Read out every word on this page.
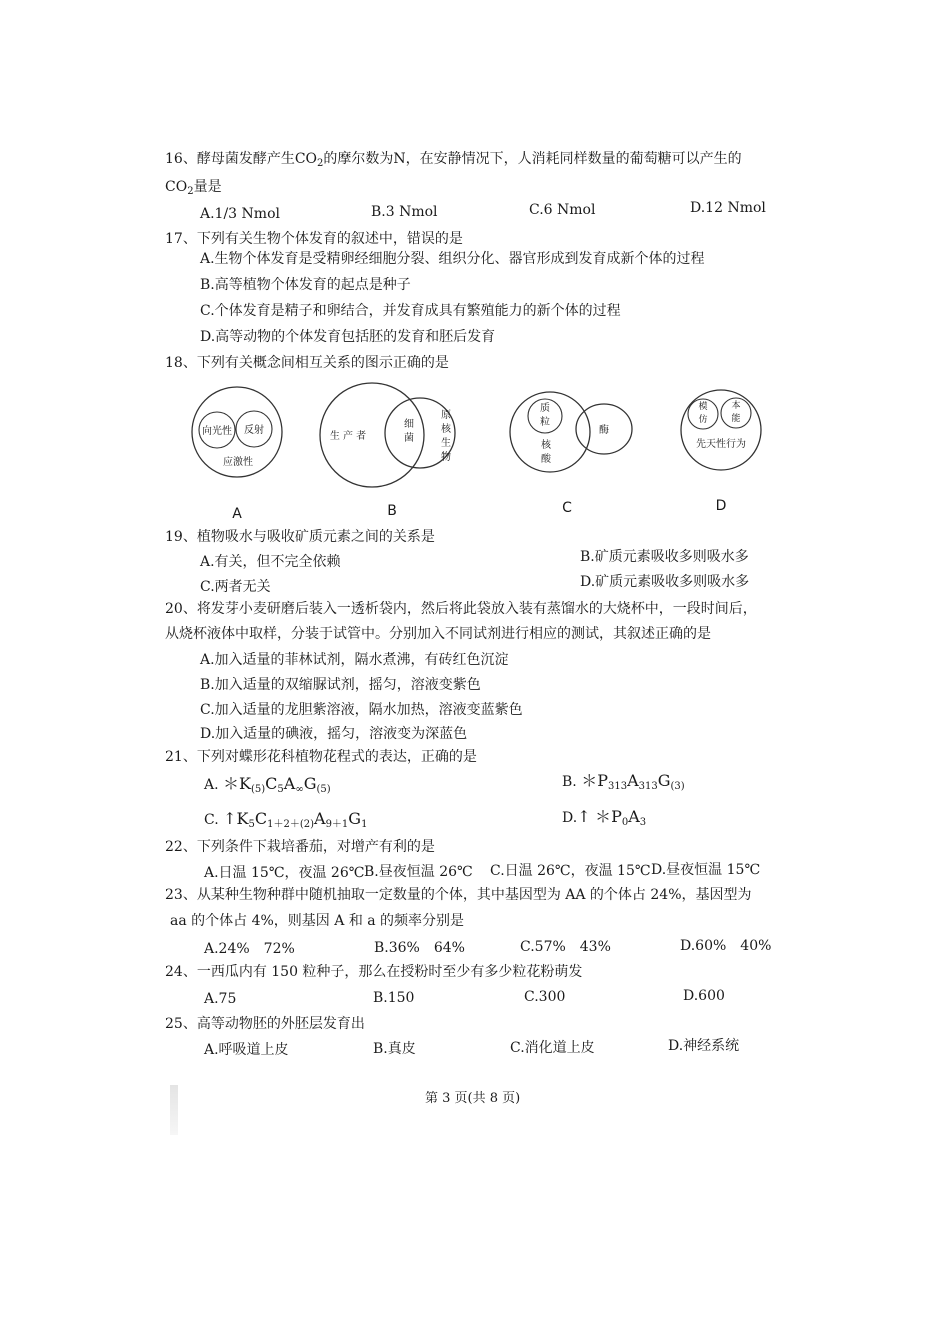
16、酵母菌发酵产生$CO_2$的摩尔数为N，在安静情况下，人消耗同样数量的葡萄糖可以产生的
$CO_2$量是
A.1/3 Nmol	B.3 Nmol	C.6 Nmol	D.12 Nmol
17、下列有关生物个体发育的叙述中，错误的是
A.生物个体发育是受精卵经细胞分裂、组织分化、器官形成到发育成新个体的过程
B.高等植物个体发育的起点是种子
C.个体发育是精子和卵结合，并发育成具有繁殖能力的新个体的过程
D.高等动物的个体发育包括胚的发育和胚后发育
18、下列有关概念间相互关系的图示正确的是
向光性 反射
应激性
A
生 产 者
细
菌
原
核
生
物
B
质
粒
核
酸
酶
C
模
仿
本
能
先天性行为
D
19、植物吸水与吸收矿质元素之间的关系是
A.有关，但不完全依赖	B.矿质元素吸收多则吸水多
C.两者无关	D.矿质元素吸收多则吸水多
20、将发芽小麦研磨后装入一透析袋内，然后将此袋放入装有蒸馏水的大烧杯中，一段时间后，
从烧杯液体中取样，分装于试管中。分别加入不同试剂进行相应的测试，其叙述正确的是
A.加入适量的菲林试剂，隔水煮沸，有砖红色沉淀
B.加入适量的双缩脲试剂，摇匀，溶液变紫色
C.加入适量的龙胆紫溶液，隔水加热，溶液变蓝紫色
D.加入适量的碘液，摇匀，溶液变为深蓝色
21、下列对蝶形花科植物花程式的表达，正确的是
A. $*K_{(5)}C_5A_\infty G_{(5)}$	B. $*P_{313}A_{313}G_{(3)}$
C. $↑K_5C_{1+2+(2)}A_{9+1}G_1$	D.↑ $*P_0A_3$
22、下列条件下栽培番茄，对增产有利的是
A.日温 15℃，夜温 26℃ B.昼夜恒温 26℃ C.日温 26℃，夜温 15℃ D.昼夜恒温 15℃
23、从某种生物种群中随机抽取一定数量的个体，其中基因型为 AA 的个体占 24%，基因型为
aa 的个体占 4%，则基因 A 和 a 的频率分别是
A.24%　72%	B.36%　64%	C.57%　43%	D.60%　40%
24、一西瓜内有 150 粒种子，那么在授粉时至少有多少粒花粉萌发
A.75	B.150	C.300	D.600
25、高等动物胚的外胚层发育出
A.呼吸道上皮	B.真皮	C.消化道上皮	D.神经系统
第 3 页(共 8 页)
